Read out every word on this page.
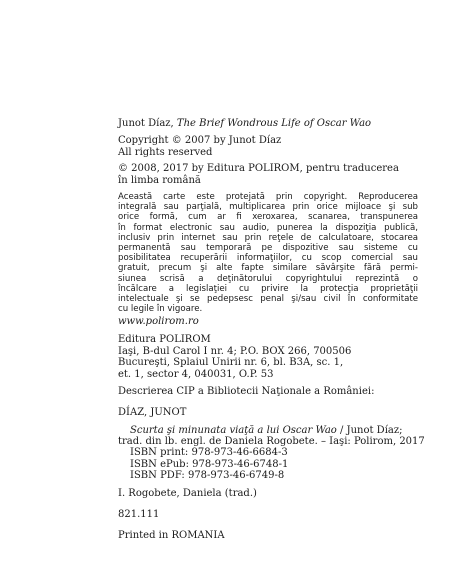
Junot Díaz, The Brief Wondrous Life of Oscar Wao
Copyright © 2007 by Junot Díaz
All rights reserved
© 2008, 2017 by Editura POLIROM, pentru traducerea
în limba română
Această carte este protejată prin copyright. Reproducerea
integrală sau parţială, multiplicarea prin orice mijloace şi sub
orice formă, cum ar fi xeroxarea, scanarea, transpunerea
în format electronic sau audio, punerea la dispoziţia publică,
inclusiv prin internet sau prin reţele de calculatoare, stocarea
permanentă sau temporară pe dispozitive sau sisteme cu
posibilitatea recuperării informaţiilor, cu scop comercial sau
gratuit, precum şi alte fapte similare săvârşite fără permi-
siunea scrisă a deţinătorului copyrightului reprezintă o
încălcare a legislaţiei cu privire la protecţia proprietăţii
intelectuale şi se pedepsesc penal şi/sau civil în conformitate
cu legile în vigoare.
www.polirom.ro
Editura POLIROM
Iaşi, B-dul Carol I nr. 4; P.O. BOX 266, 700506
Bucureşti, Splaiul Unirii nr. 6, bl. B3A, sc. 1,
et. 1, sector 4, 040031, O.P. 53
Descrierea CIP a Bibliotecii Naţionale a României:
DÍAZ, JUNOT
Scurta şi minunata viaţă a lui Oscar Wao / Junot Díaz;
trad. din lb. engl. de Daniela Rogobete. – Iaşi: Polirom, 2017
ISBN print: 978-973-46-6684-3
ISBN ePub: 978-973-46-6748-1
ISBN PDF: 978-973-46-6749-8
I. Rogobete, Daniela (trad.)
821.111
Printed in ROMANIA
